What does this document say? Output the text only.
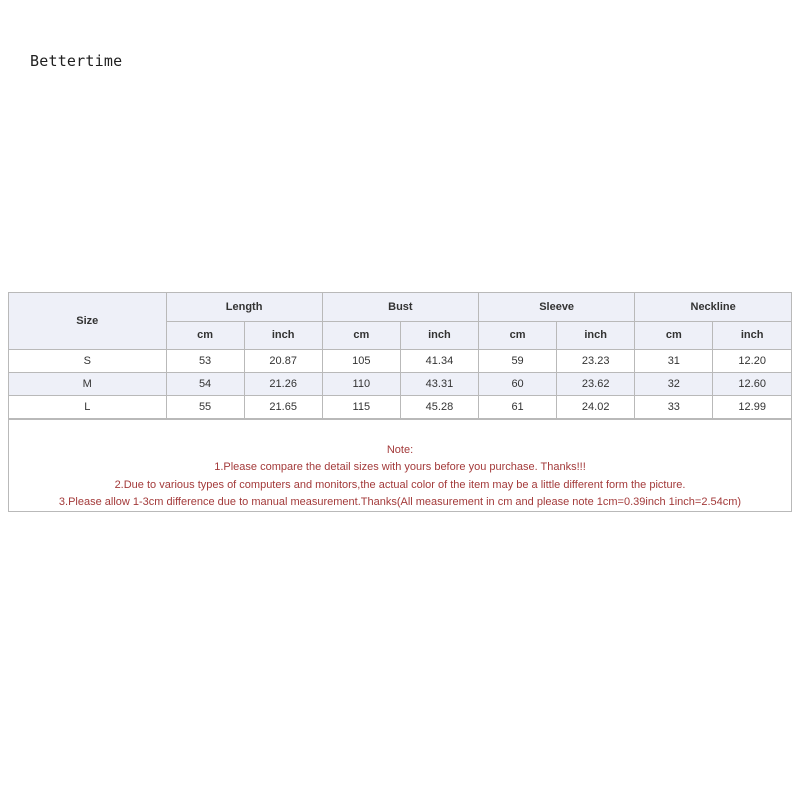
Bettertime
Size	Length		Bust		Sleeve		Neckline	
	cm	inch	cm	inch	cm	inch	cm	inch
S	53	20.87	105	41.34	59	23.23	31	12.20
M	54	21.26	110	43.31	60	23.62	32	12.60
L	55	21.65	115	45.28	61	24.02	33	12.99
Note:
1.Please compare the detail sizes with yours before you purchase. Thanks!!!
2.Due to various types of computers and monitors,the actual color of the item may be a little different form the picture.
3.Please allow 1-3cm difference due to manual measurement.Thanks(All measurement in cm and please note 1cm=0.39inch 1inch=2.54cm)
